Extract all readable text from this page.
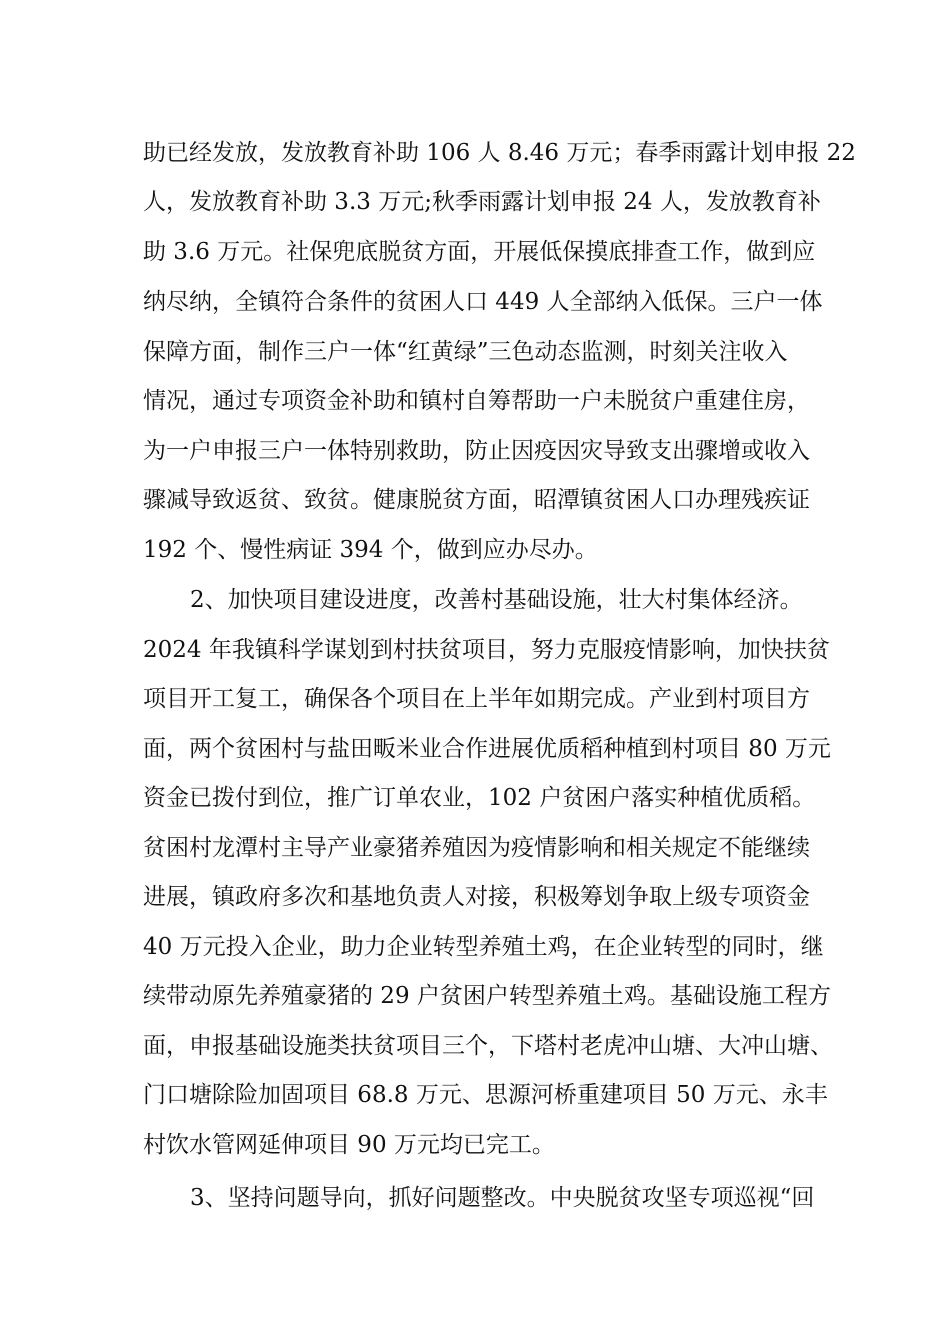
助已经发放，发放教育补助 106 人 8.46 万元；春季雨露计划申报 22
人，发放教育补助 3.3 万元;秋季雨露计划申报 24 人，发放教育补
助 3.6 万元。社保兜底脱贫方面，开展低保摸底排查工作，做到应
纳尽纳，全镇符合条件的贫困人口 449 人全部纳入低保。三户一体
保障方面，制作三户一体“红黄绿”三色动态监测，时刻关注收入
情况，通过专项资金补助和镇村自筹帮助一户未脱贫户重建住房，
为一户申报三户一体特别救助，防止因疫因灾导致支出骤增或收入
骤减导致返贫、致贫。健康脱贫方面，昭潭镇贫困人口办理残疾证
192 个、慢性病证 394 个，做到应办尽办。
2、加快项目建设进度，改善村基础设施，壮大村集体经济。
2024 年我镇科学谋划到村扶贫项目，努力克服疫情影响，加快扶贫
项目开工复工，确保各个项目在上半年如期完成。产业到村项目方
面，两个贫困村与盐田畈米业合作进展优质稻种植到村项目 80 万元
资金已拨付到位，推广订单农业，102 户贫困户落实种植优质稻。
贫困村龙潭村主导产业豪猪养殖因为疫情影响和相关规定不能继续
进展，镇政府多次和基地负责人对接，积极筹划争取上级专项资金
40 万元投入企业，助力企业转型养殖土鸡，在企业转型的同时，继
续带动原先养殖豪猪的 29 户贫困户转型养殖土鸡。基础设施工程方
面，申报基础设施类扶贫项目三个，下塔村老虎冲山塘、大冲山塘、
门口塘除险加固项目 68.8 万元、思源河桥重建项目 50 万元、永丰
村饮水管网延伸项目 90 万元均已完工。
3、坚持问题导向，抓好问题整改。中央脱贫攻坚专项巡视“回
